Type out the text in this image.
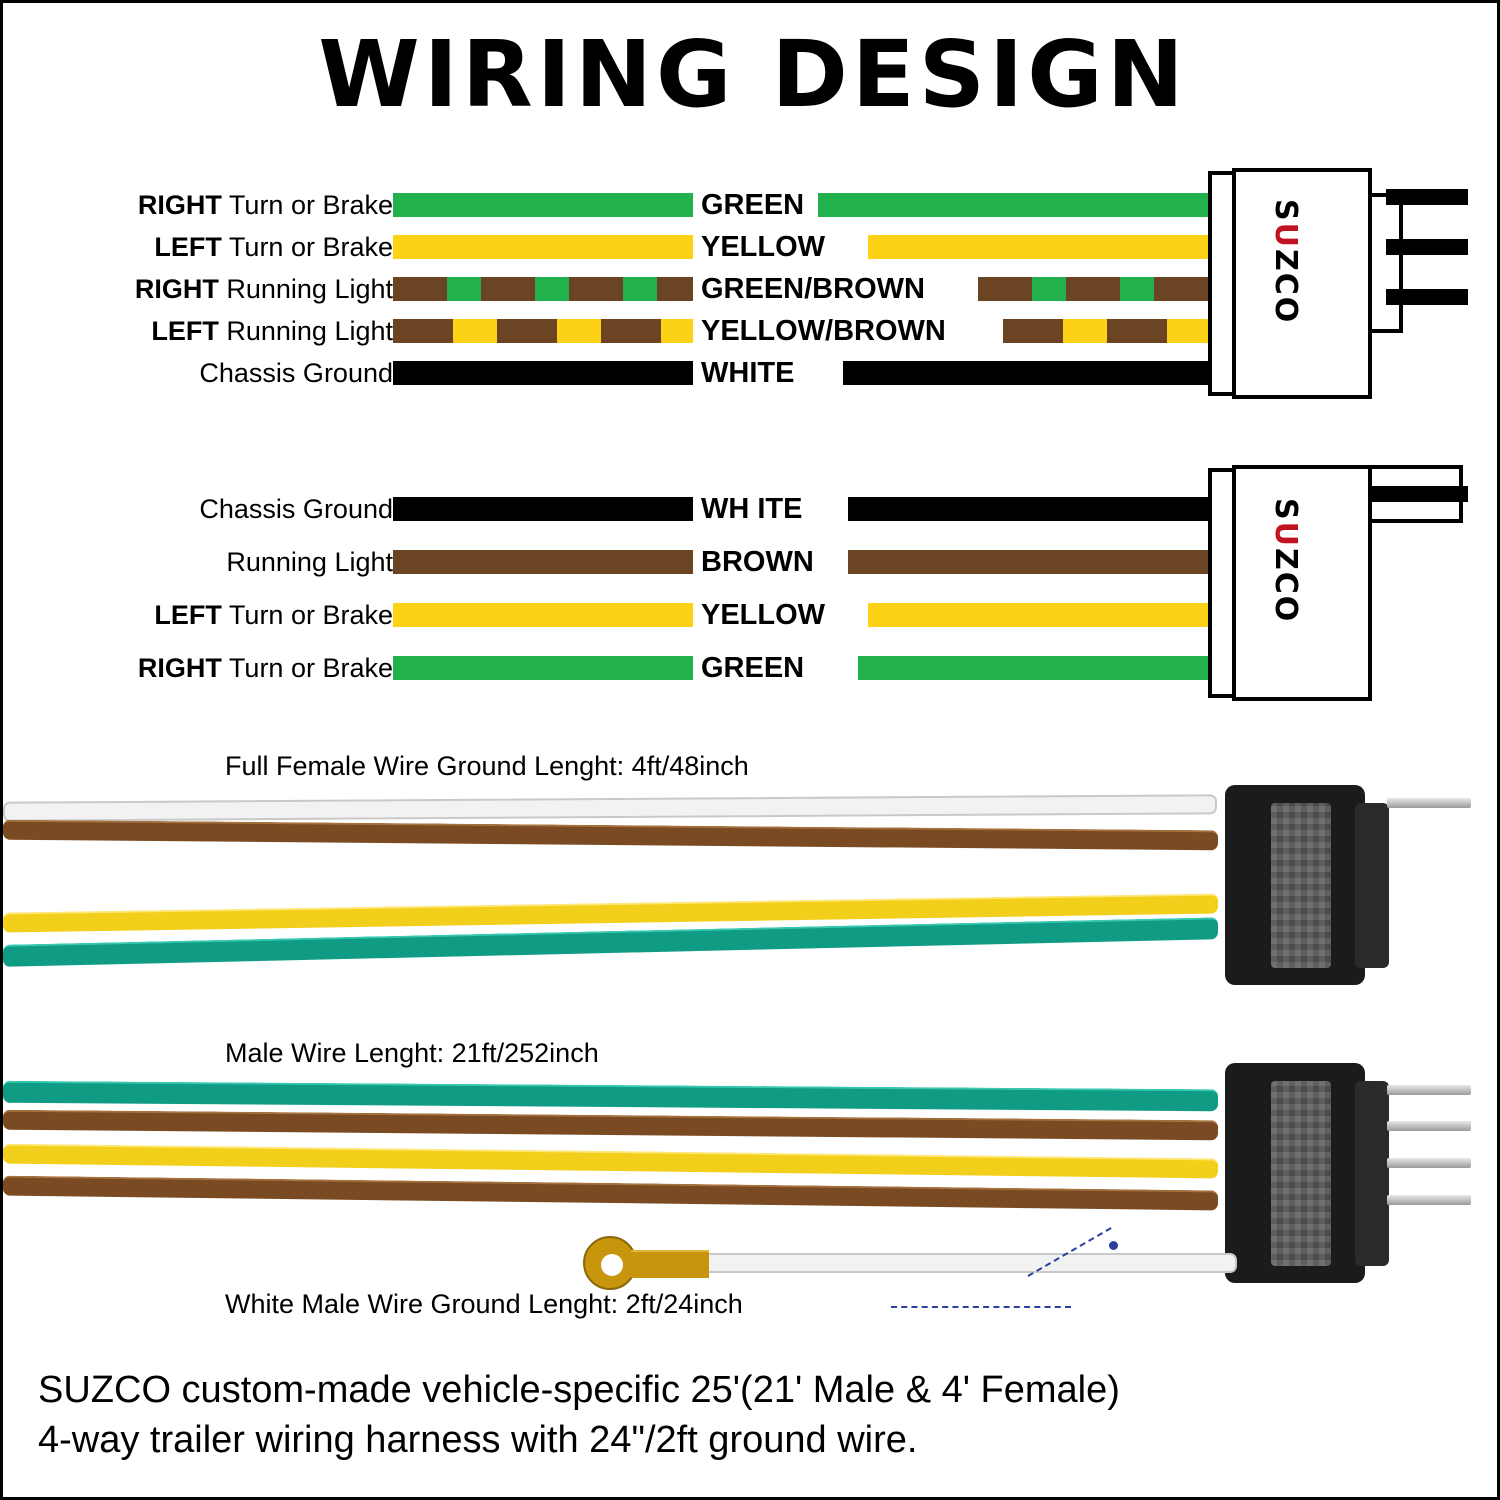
WIRING DESIGN
RIGHT Turn or Brake	GREEN
LEFT Turn or Brake	YELLOW
RIGHT Running Light	GREEN/BROWN
LEFT Running Light	YELLOW/BROWN
Chassis Ground	WHITE
SUZCO
Chassis Ground	WH ITE
Running Light	BROWN
LEFT Turn or Brake	YELLOW
RIGHT Turn or Brake	GREEN
SUZCO
Full Female Wire Ground Lenght: 4ft/48inch
Male Wire Lenght: 21ft/252inch
White Male Wire Ground Lenght: 2ft/24inch
SUZCO custom-made vehicle-specific 25'(21' Male & 4' Female)
4-way trailer wiring harness with 24"/2ft ground wire.
